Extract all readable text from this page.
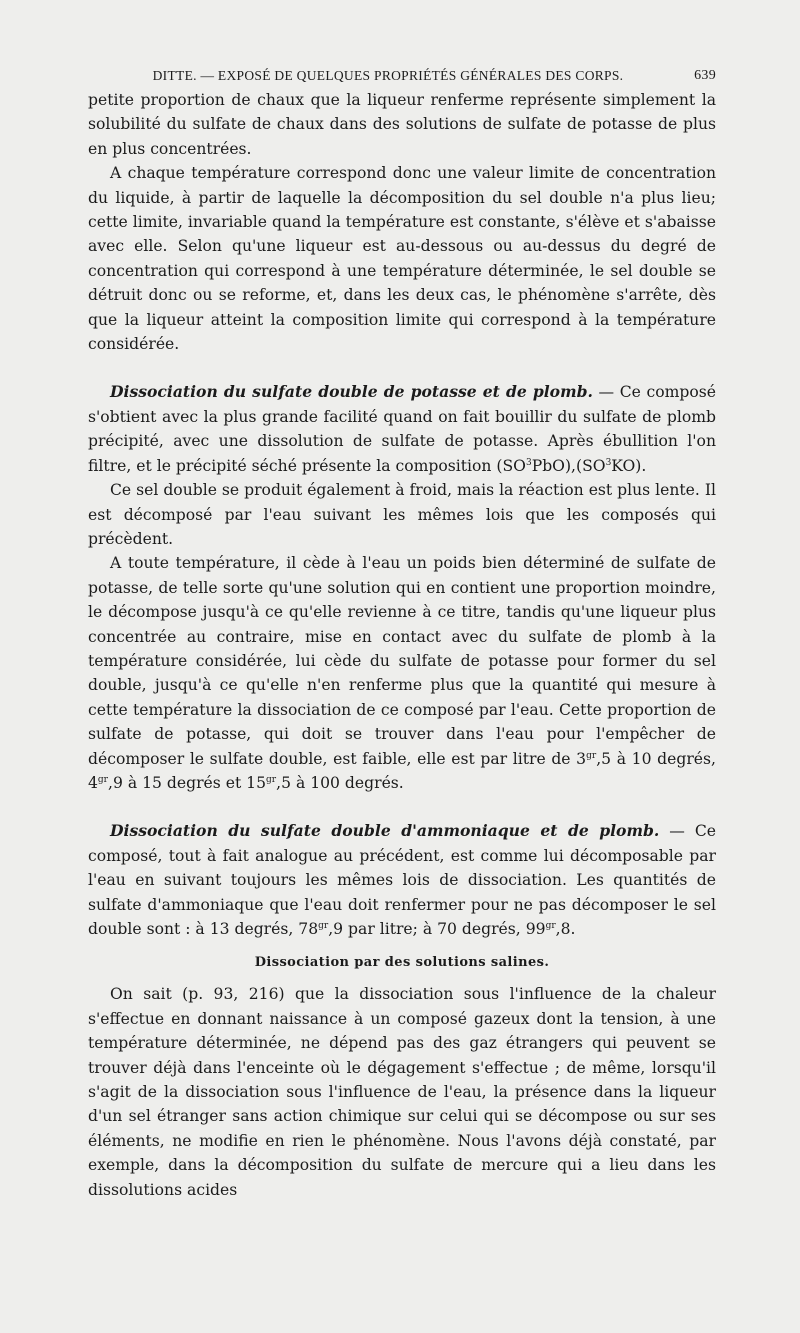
DITTE. — EXPOSÉ DE QUELQUES PROPRIÉTÉS GÉNÉRALES DES CORPS.	639

petite proportion de chaux que la liqueur renferme représente simplement la solubilité du sulfate de chaux dans des solutions de sulfate de potasse de plus en plus concentrées.

A chaque température correspond donc une valeur limite de concentration du liquide, à partir de laquelle la décomposition du sel double n'a plus lieu; cette limite, invariable quand la température est constante, s'élève et s'abaisse avec elle. Selon qu'une liqueur est au-dessous ou au-dessus du degré de concentration qui correspond à une température déterminée, le sel double se détruit donc ou se reforme, et, dans les deux cas, le phénomène s'arrête, dès que la liqueur atteint la composition limite qui correspond à la température considérée.

Dissociation du sulfate double de potasse et de plomb. — Ce composé s'obtient avec la plus grande facilité quand on fait bouillir du sulfate de plomb précipité, avec une dissolution de sulfate de potasse. Après ébullition l'on filtre, et le précipité séché présente la composition $(SO^3PbO),(SO^3KO)$.

Ce sel double se produit également à froid, mais la réaction est plus lente. Il est décomposé par l'eau suivant les mêmes lois que les composés qui précèdent.

A toute température, il cède à l'eau un poids bien déterminé de sulfate de potasse, de telle sorte qu'une solution qui en contient une proportion moindre, le décompose jusqu'à ce qu'elle revienne à ce titre, tandis qu'une liqueur plus concentrée au contraire, mise en contact avec du sulfate de plomb à la température considérée, lui cède du sulfate de potasse pour former du sel double, jusqu'à ce qu'elle n'en renferme plus que la quantité qui mesure à cette température la dissociation de ce composé par l'eau. Cette proportion de sulfate de potasse, qui doit se trouver dans l'eau pour l'empêcher de décomposer le sulfate double, est faible, elle est par litre de $3^{gr},5$ à 10 degrés, $4^{gr},9$ à 15 degrés et $15^{gr},5$ à 100 degrés.

Dissociation du sulfate double d'ammoniaque et de plomb. — Ce composé, tout à fait analogue au précédent, est comme lui décomposable par l'eau en suivant toujours les mêmes lois de dissociation. Les quantités de sulfate d'ammoniaque que l'eau doit renfermer pour ne pas décomposer le sel double sont : à 13 degrés, $78^{gr},9$ par litre; à 70 degrés, $99^{gr},8$.

Dissociation par des solutions salines.

On sait (p. 93, 216) que la dissociation sous l'influence de la chaleur s'effectue en donnant naissance à un composé gazeux dont la tension, à une température déterminée, ne dépend pas des gaz étrangers qui peuvent se trouver déjà dans l'enceinte où le dégagement s'effectue ; de même, lorsqu'il s'agit de la dissociation sous l'influence de l'eau, la présence dans la liqueur d'un sel étranger sans action chimique sur celui qui se décompose ou sur ses éléments, ne modifie en rien le phénomène. Nous l'avons déjà constaté, par exemple, dans la décomposition du sulfate de mercure qui a lieu dans les dissolutions acides
